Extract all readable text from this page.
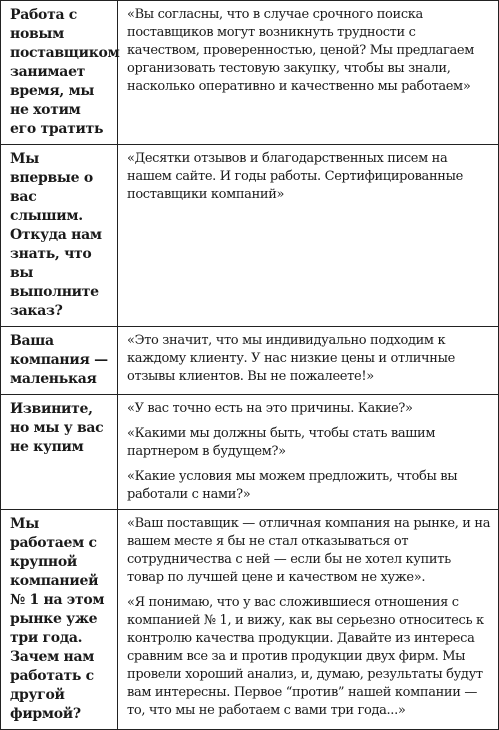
Работа с новым поставщиком занимает время, мы не хотим его тратить	«Вы согласны, что в случае срочного поиска поставщиков могут возникнуть трудности с качеством, проверенностью, ценой? Мы предлагаем организовать тестовую закупку, чтобы вы знали, насколько оперативно и качественно мы работаем»

Мы впервые о вас слышим. Откуда нам знать, что вы выполните заказ?	«Десятки отзывов и благодарственных писем на нашем сайте. И годы работы. Сертифицированные поставщики компаний»

Ваша компания — маленькая	«Это значит, что мы индивидуально подходим к каждому клиенту. У нас низкие цены и отличные отзывы клиентов. Вы не пожалеете!»

Извините, но мы у вас не купим	«У вас точно есть на это причины. Какие?»

«Какими мы должны быть, чтобы стать вашим партнером в будущем?»

«Какие условия мы можем предложить, чтобы вы работали с нами?»

Мы работаем с крупной компанией № 1 на этом рынке уже три года. Зачем нам работать с другой фирмой?	«Ваш поставщик — отличная компания на рынке, и на вашем месте я бы не стал отказываться от сотрудничества с ней — если бы не хотел купить товар по лучшей цене и качеством не хуже».

«Я понимаю, что у вас сложившиеся отношения с компанией № 1, и вижу, как вы серьезно относитесь к контролю качества продукции. Давайте из интереса сравним все за и против продукции двух фирм. Мы провели хороший анализ, и, думаю, результаты будут вам интересны. Первое “против” нашей компании — то, что мы не работаем с вами три года...»
